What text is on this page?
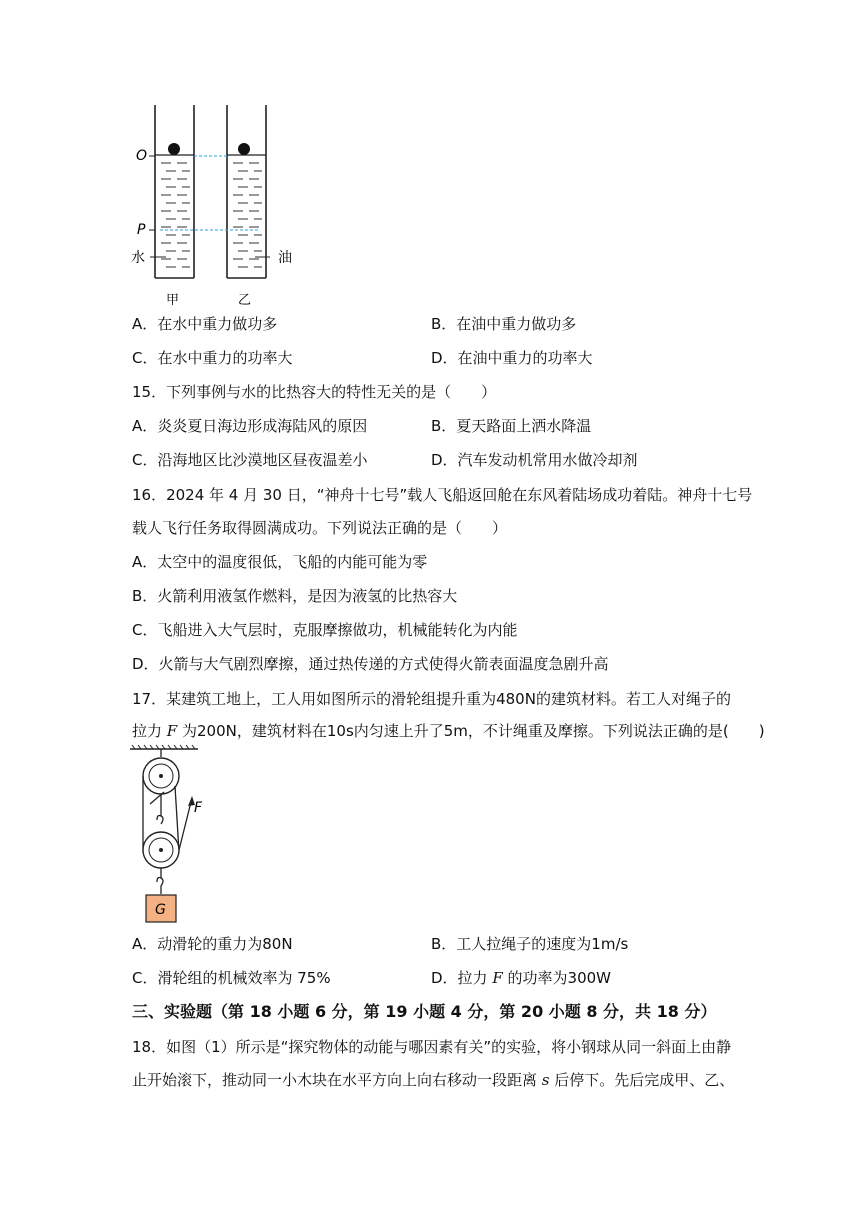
O
P
水	油
甲	乙
A．在水中重力做功多	B．在油中重力做功多
C．在水中重力的功率大	D．在油中重力的功率大
15．下列事例与水的比热容大的特性无关的是（　　）
A．炎炎夏日海边形成海陆风的原因	B．夏天路面上洒水降温
C．沿海地区比沙漠地区昼夜温差小	D．汽车发动机常用水做冷却剂
16．2024 年 4 月 30 日，“神舟十七号”载人飞船返回舱在东风着陆场成功着陆。神舟十七号
载人飞行任务取得圆满成功。下列说法正确的是（　　）
A．太空中的温度很低，飞船的内能可能为零
B．火箭利用液氢作燃料，是因为液氢的比热容大
C．飞船进入大气层时，克服摩擦做功，机械能转化为内能
D．火箭与大气剧烈摩擦，通过热传递的方式使得火箭表面温度急剧升高
17．某建筑工地上，工人用如图所示的滑轮组提升重为480N的建筑材料。若工人对绳子的
拉力 F 为200N，建筑材料在10s内匀速上升了5m，不计绳重及摩擦。下列说法正确的是(　　)
F
G
A．动滑轮的重力为80N	B．工人拉绳子的速度为1m/s
C．滑轮组的机械效率为 75%	D．拉力 F 的功率为300W
三、实验题（第 18 小题 6 分，第 19 小题 4 分，第 20 小题 8 分，共 18 分）
18．如图（1）所示是“探究物体的动能与哪因素有关”的实验，将小钢球从同一斜面上由静
止开始滚下，推动同一小木块在水平方向上向右移动一段距离 s 后停下。先后完成甲、乙、
